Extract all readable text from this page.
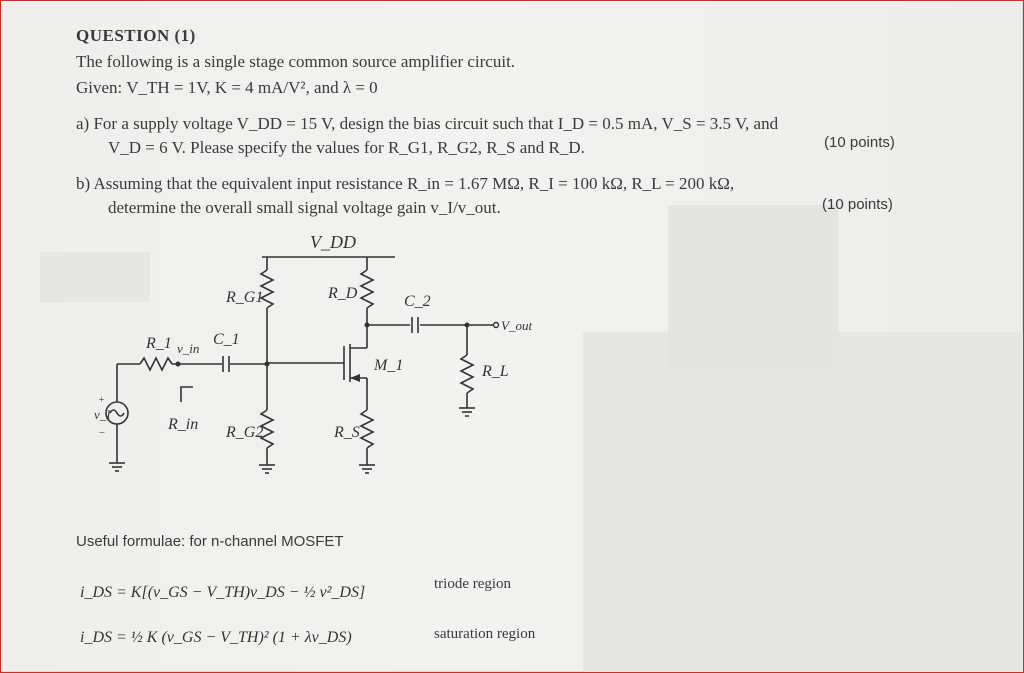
QUESTION (1)
The following is a single stage common source amplifier circuit.
Given: V_TH = 1V, K = 4 mA/V², and λ = 0
a) For a supply voltage V_DD = 15 V, design the bias circuit such that I_D = 0.5 mA, V_S = 3.5 V, and
V_D = 6 V. Please specify the values for R_G1, R_G2, R_S and R_D.	(10 points)
b) Assuming that the equivalent input resistance R_in = 1.67 MΩ, R_I = 100 kΩ, R_L = 200 kΩ,
determine the overall small signal voltage gain v_I/v_out.	(10 points)
V_DD
R_G1
R_G2
R_D
R_S
C_1
C_2
R_1 v_in
R_in
M_1	R_L
V_out
v_I
+
−
i_DS = K[(v_GS − V_TH)v_DS − ½ v²_DS]
i_DS = ½ K (v_GS − V_TH)² (1 + λv_DS)
Useful formulae: for n-channel MOSFET
triode region
saturation region
